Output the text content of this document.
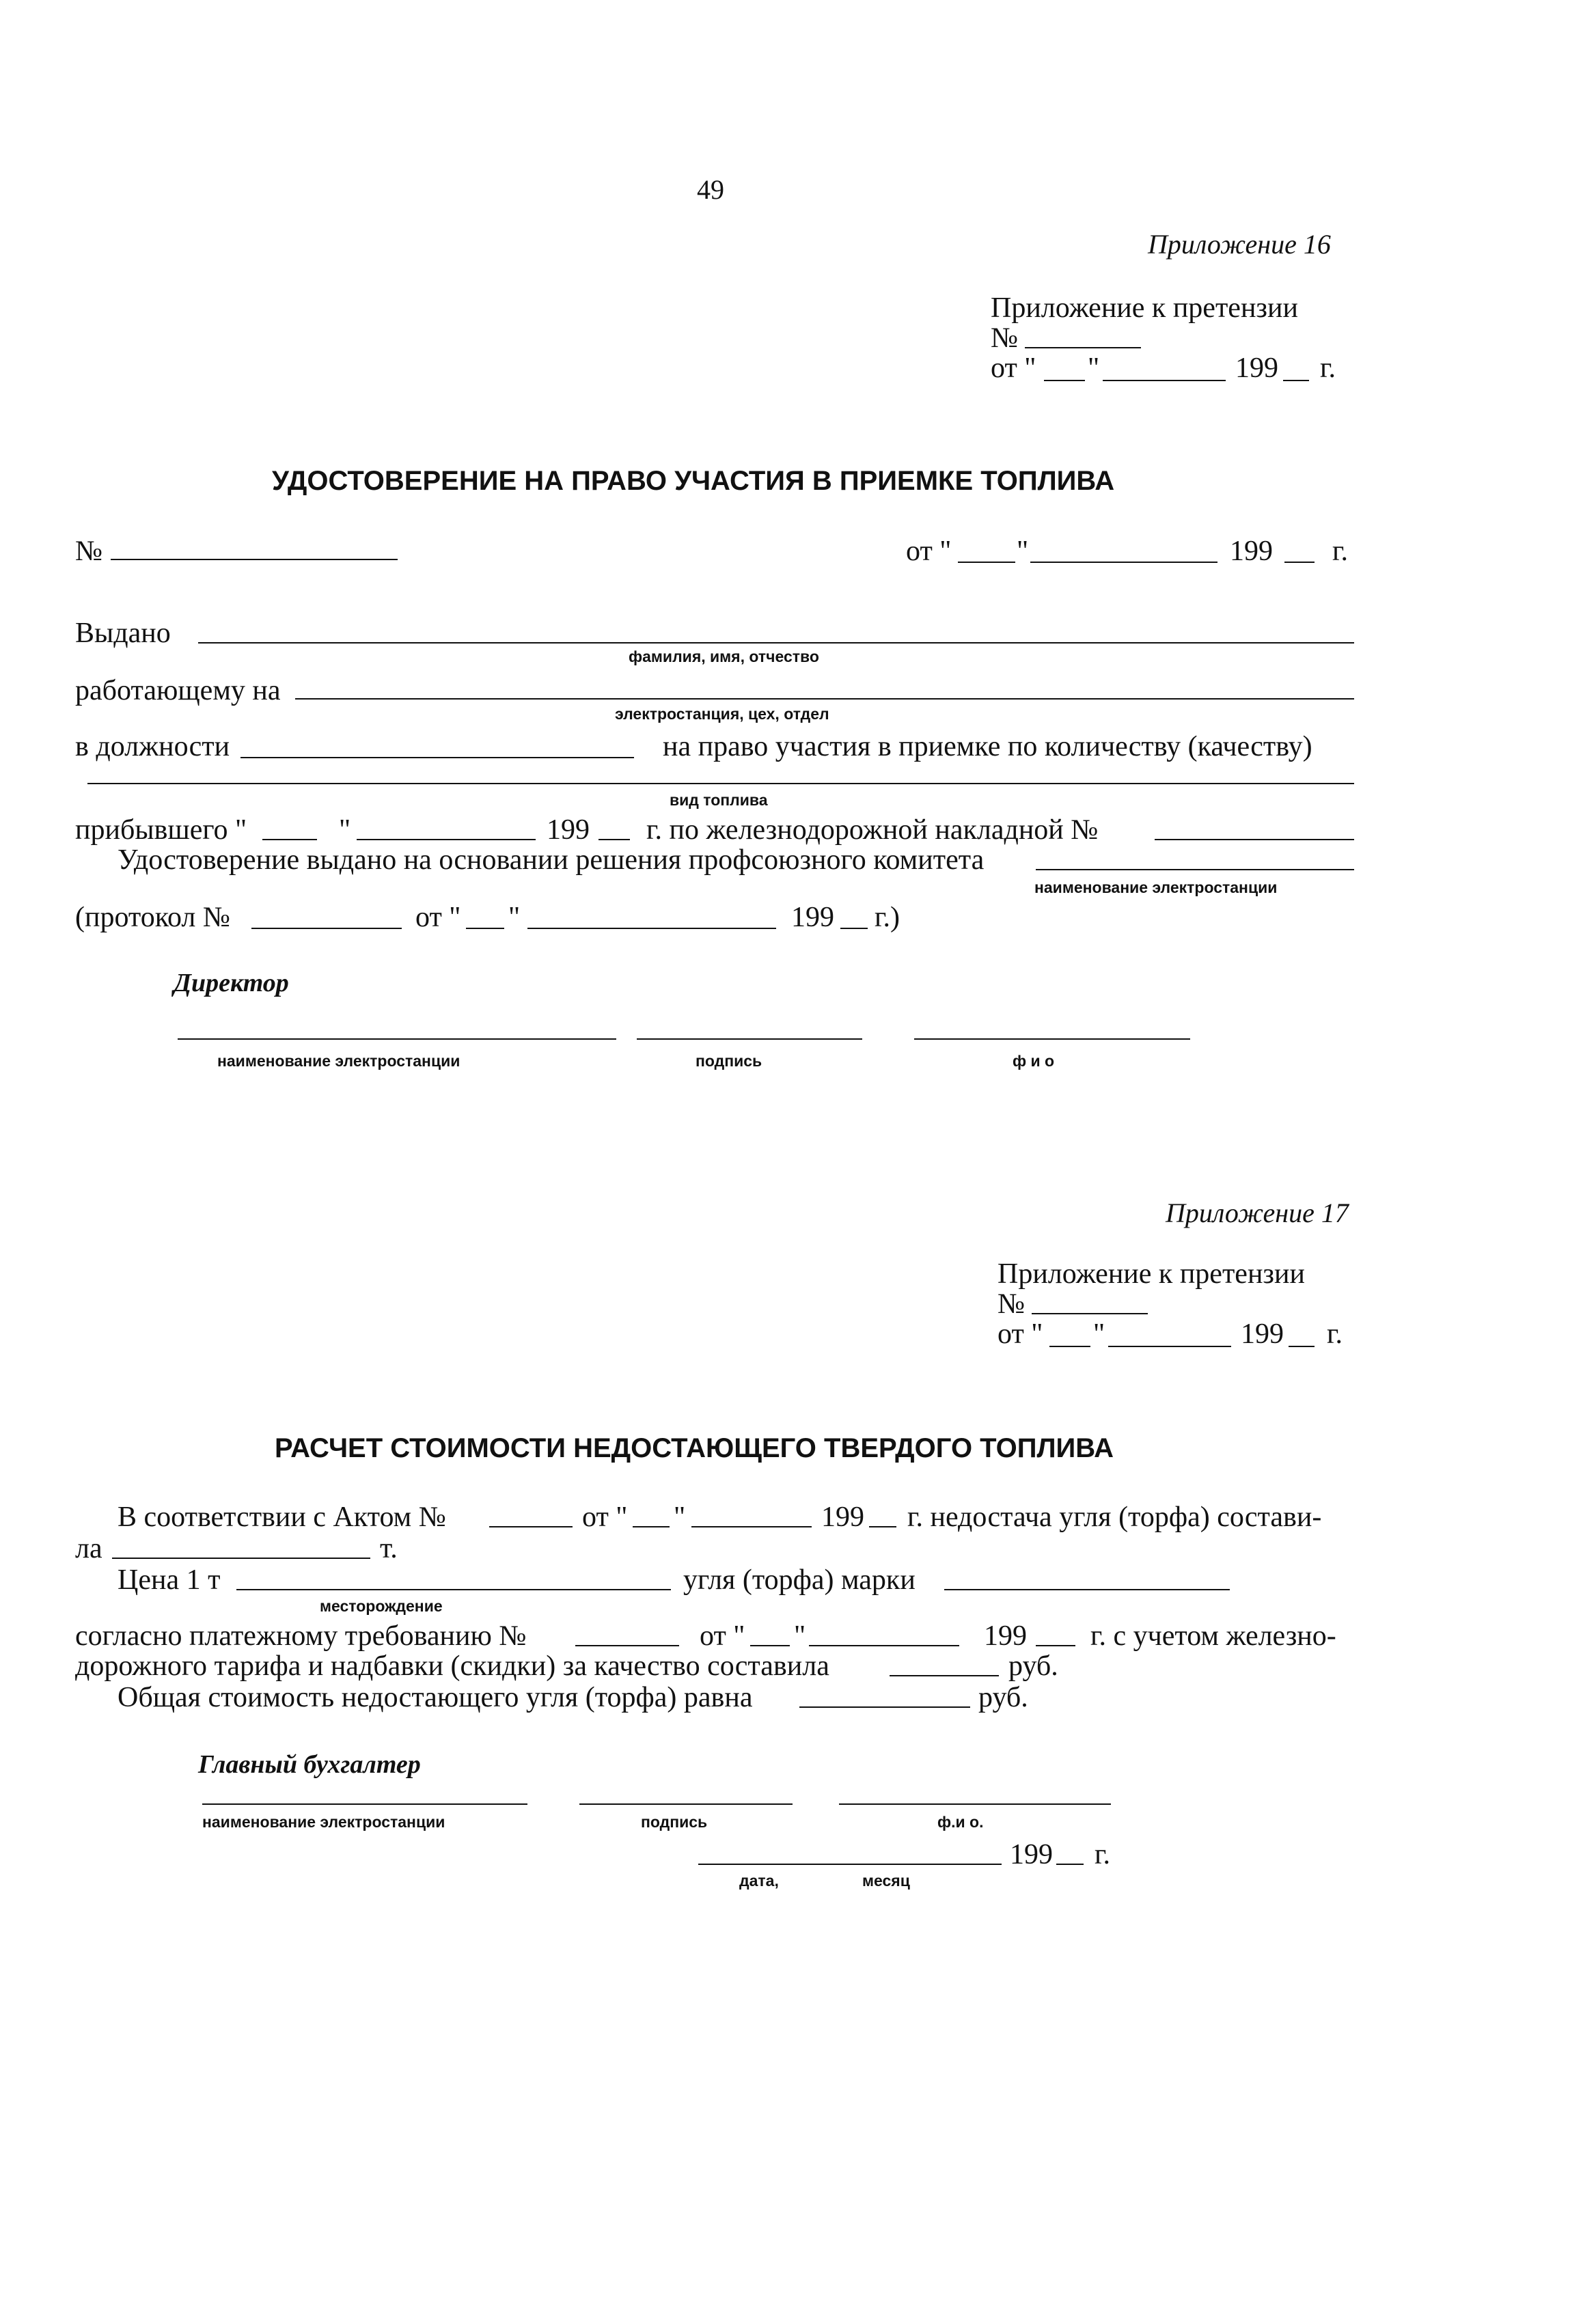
49
Приложение 16
Приложение к претензии
№
от " "	199 г.
УДОСТОВЕРЕНИЕ НА ПРАВО УЧАСТИЯ В ПРИЕМКЕ ТОПЛИВА
№	от " "	199 г.
Выдано
фамилия, имя, отчество
работающему на
электростанция, цех, отдел
в должности	на право участия в приемке по количеству (качеству)
вид топлива
прибывшего "	"	199 г. по железнодорожной накладной №
Удостоверение выдано на основании решения профсоюзного комитета
наименование электростанции
(протокол №	от " "	199 г.)
Директор
наименование электростанции	подпись	ф и о
Приложение 17
Приложение к претензии
№
от " "	199 г.
РАСЧЕТ СТОИМОСТИ НЕДОСТАЮЩЕГО ТВЕРДОГО ТОПЛИВА
В соответствии с Актом №	от " "	199 г. недостача угля (торфа) состави-
ла	т.
Цена 1 т	угля (торфа) марки
месторождение
согласно платежному требованию №	от " "	199 г. с учетом железно-
дорожного тарифа и надбавки (скидки) за качество составила	руб.
Общая стоимость недостающего угля (торфа) равна	руб.
Главный бухгалтер
наименование электростанции	подпись	ф.и о.
199 г.
дата,	месяц
